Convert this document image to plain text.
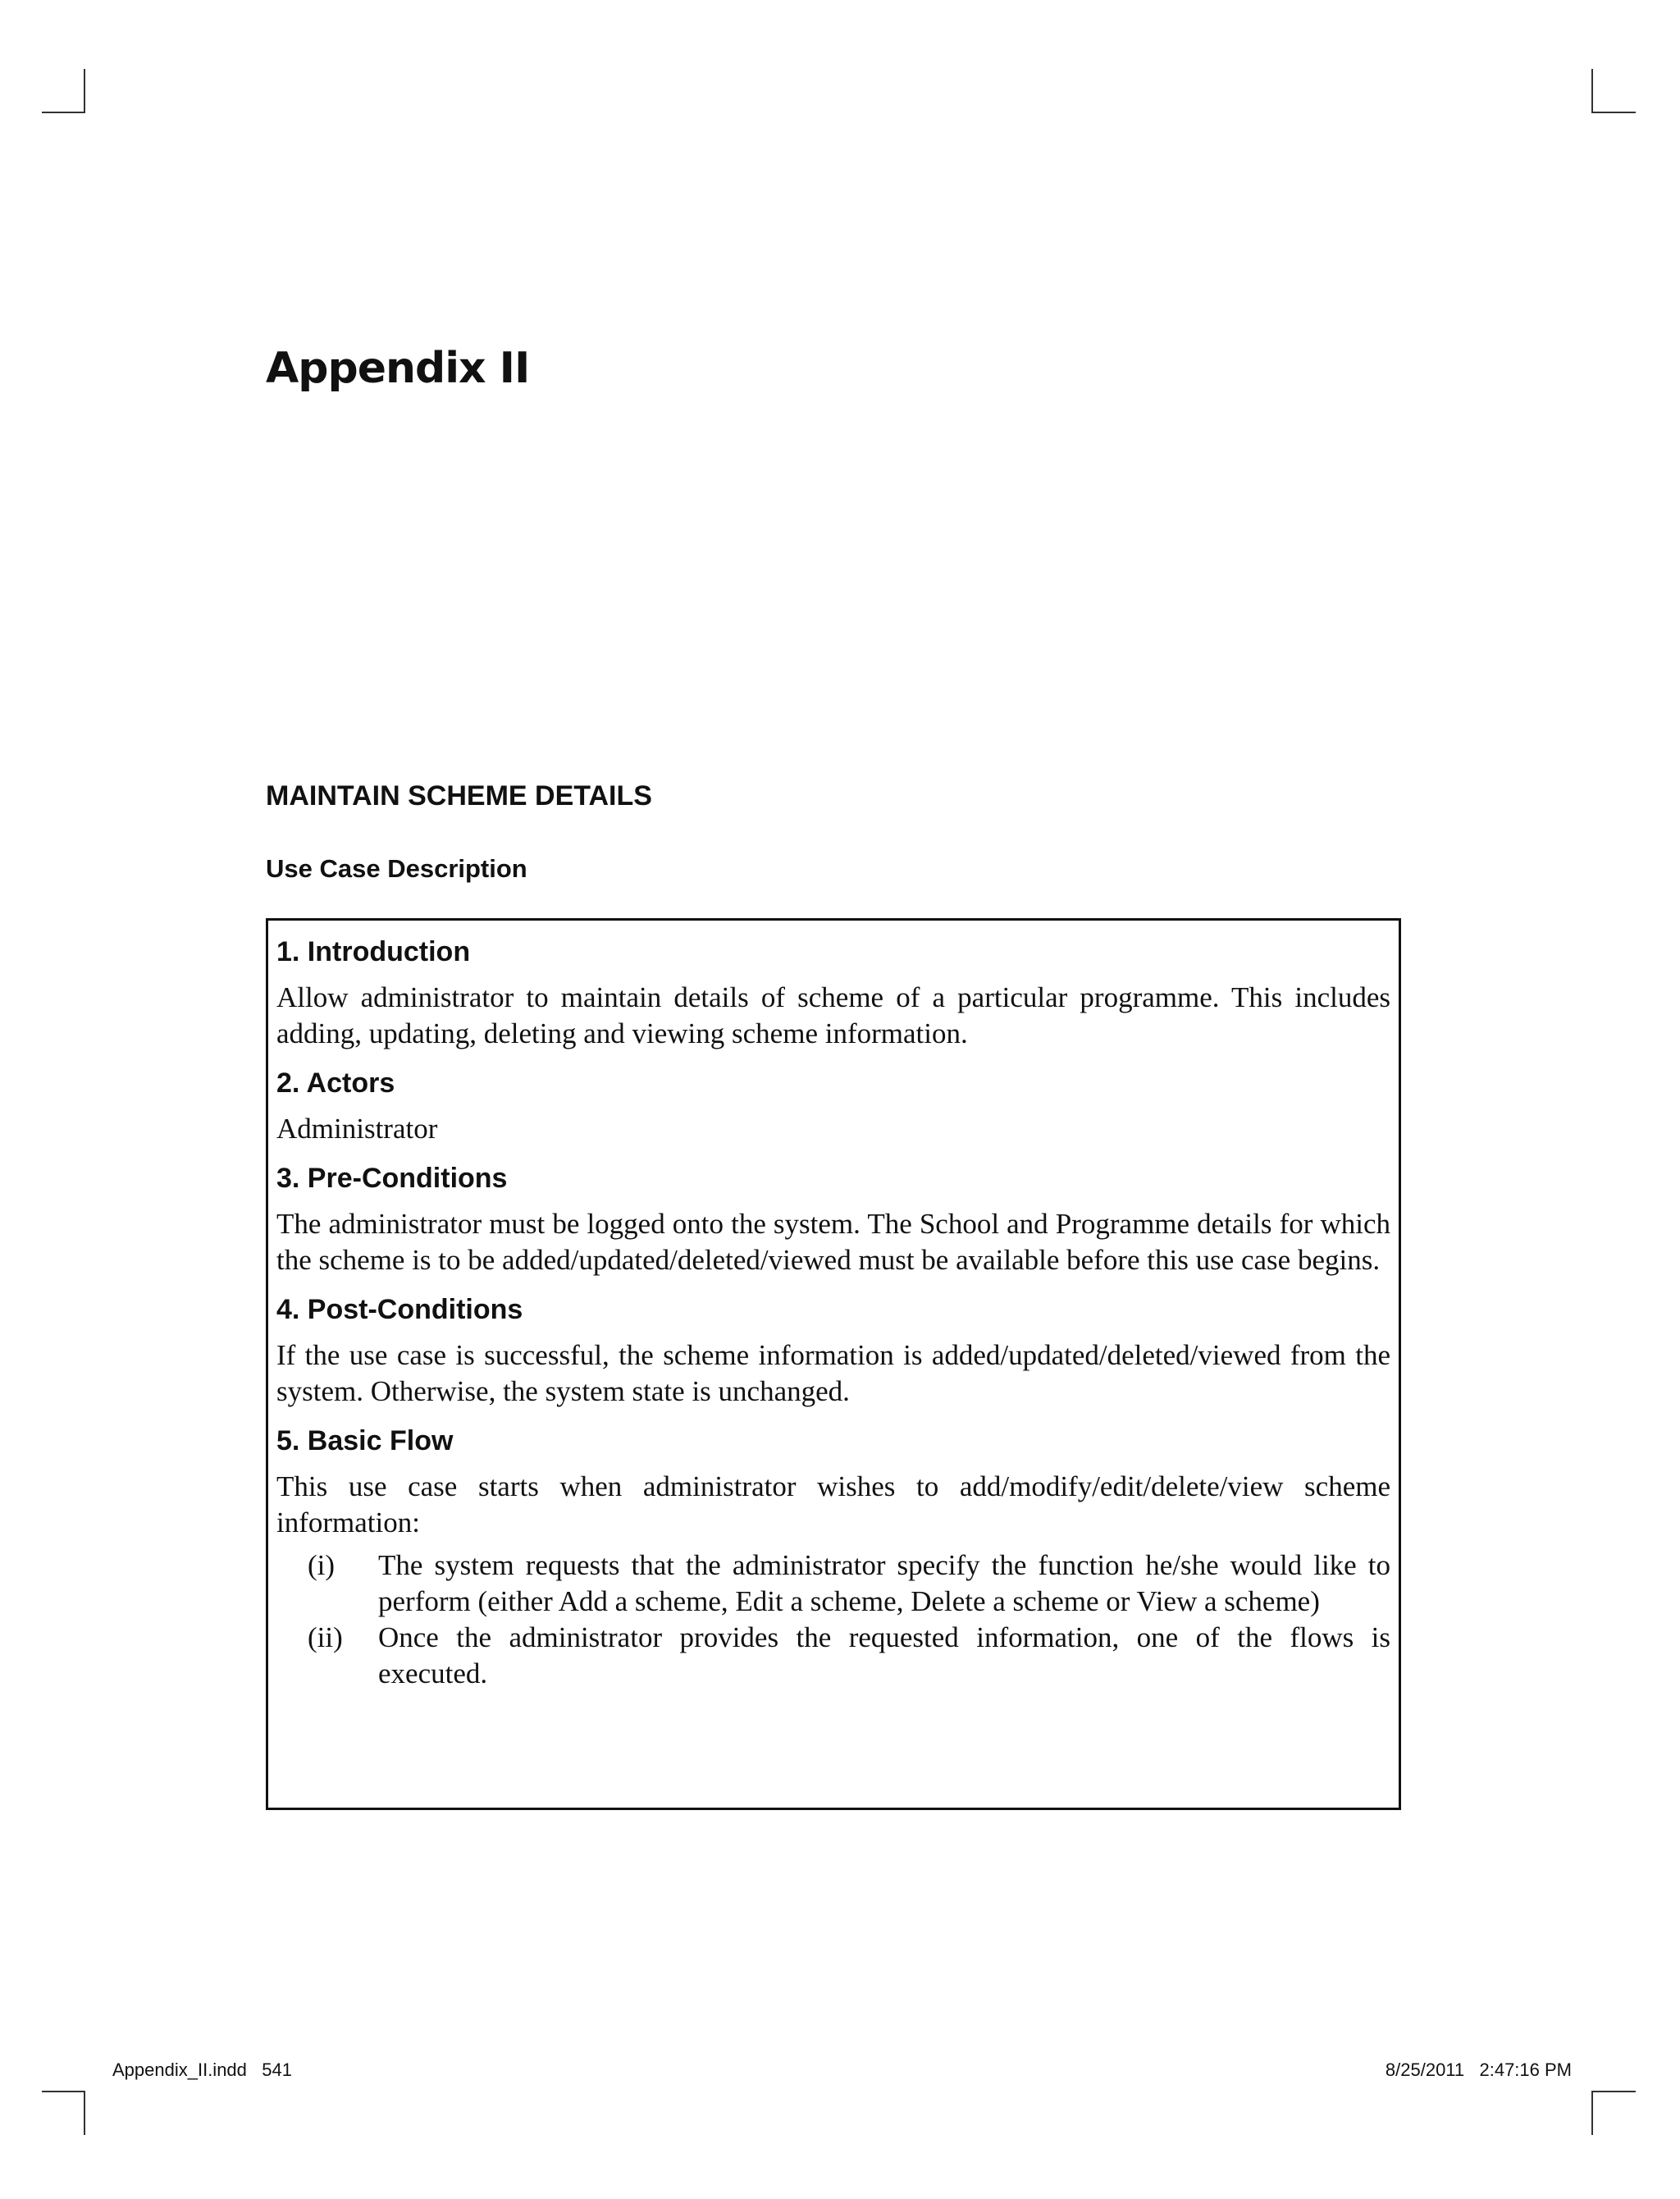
Appendix II
MAINTAIN SCHEME DETAILS
Use Case Description
1. Introduction

Allow administrator to maintain details of scheme of a particular programme. This includes adding, updating, deleting and viewing scheme information.

2. Actors

Administrator

3. Pre-Conditions

The administrator must be logged onto the system. The School and Programme details for which the scheme is to be added/updated/deleted/viewed must be available before this use case begins.

4. Post-Conditions

If the use case is successful, the scheme information is added/updated/deleted/viewed from the system. Otherwise, the system state is unchanged.

5. Basic Flow

This use case starts when administrator wishes to add/modify/edit/delete/view scheme information:

(i)	The system requests that the administrator specify the function he/she would like to perform (either Add a scheme, Edit a scheme, Delete a scheme or View a scheme)
(ii)	Once the administrator provides the requested information, one of the flows is executed.
Appendix_II.indd   541	8/25/2011   2:47:16 PM
